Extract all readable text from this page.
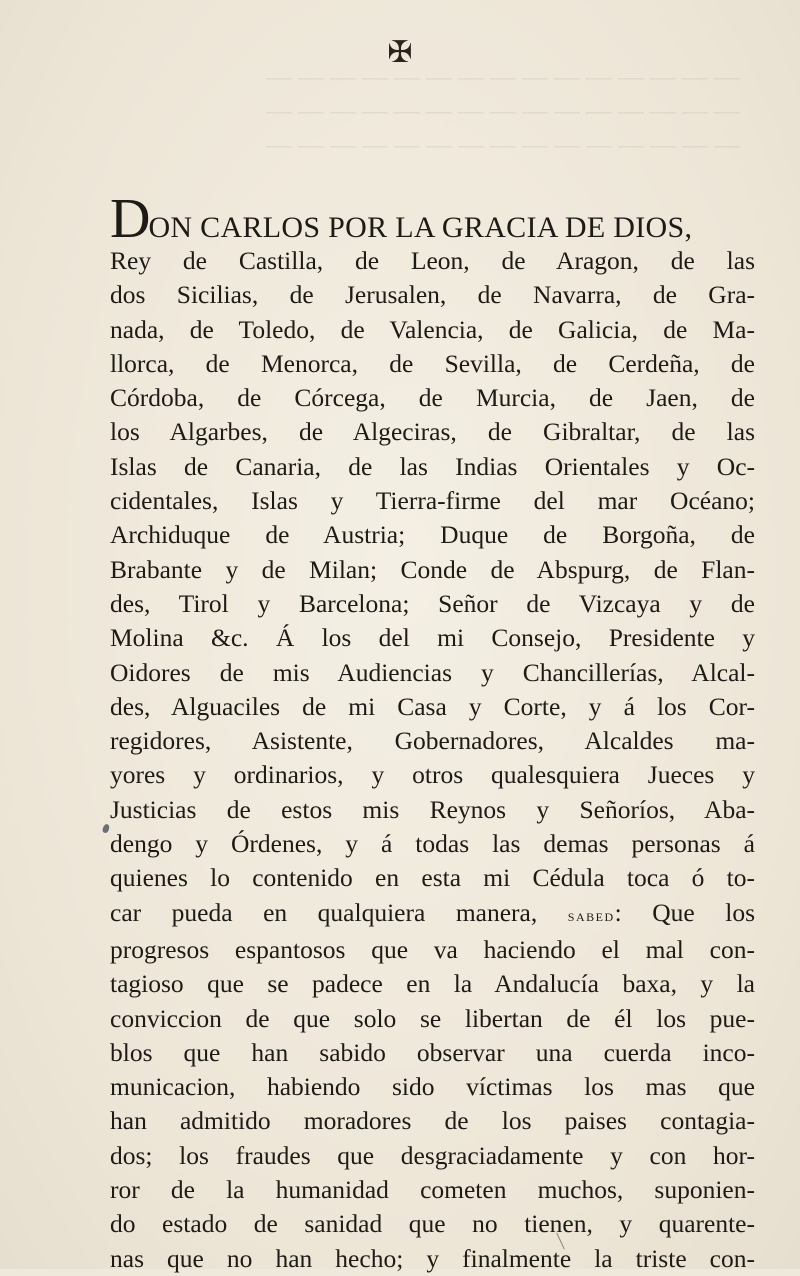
———————————————
———————————————
———————————————
✠
DON CARLOS POR LA GRACIA DE DIOS,
Rey de Castilla, de Leon, de Aragon, de las
dos Sicilias, de Jerusalen, de Navarra, de Gra-
nada, de Toledo, de Valencia, de Galicia, de Ma-
llorca, de Menorca, de Sevilla, de Cerdeña, de
Córdoba, de Córcega, de Murcia, de Jaen, de
los Algarbes, de Algeciras, de Gibraltar, de las
Islas de Canaria, de las Indias Orientales y Oc-
cidentales, Islas y Tierra-firme del mar Océano;
Archiduque de Austria; Duque de Borgoña, de
Brabante y de Milan; Conde de Abspurg, de Flan-
des, Tirol y Barcelona; Señor de Vizcaya y de
Molina &c. Á los del mi Consejo, Presidente y
Oidores de mis Audiencias y Chancillerías, Alcal-
des, Alguaciles de mi Casa y Corte, y á los Cor-
regidores, Asistente, Gobernadores, Alcaldes ma-
yores y ordinarios, y otros qualesquiera Jueces y
Justicias de estos mis Reynos y Señoríos, Aba-
dengo y Órdenes, y á todas las demas personas á
quienes lo contenido en esta mi Cédula toca ó to-
car pueda en qualquiera manera, sabed: Que los
progresos espantosos que va haciendo el mal con-
tagioso que se padece en la Andalucía baxa, y la
conviccion de que solo se libertan de él los pue-
blos que han sabido observar una cuerda inco-
municacion, habiendo sido víctimas los mas que
han admitido moradores de los paises contagia-
dos; los fraudes que desgraciadamente y con hor-
ror de la humanidad cometen muchos, suponien-
do estado de sanidad que no tienen, y quarente-
nas que no han hecho; y finalmente la triste con-
